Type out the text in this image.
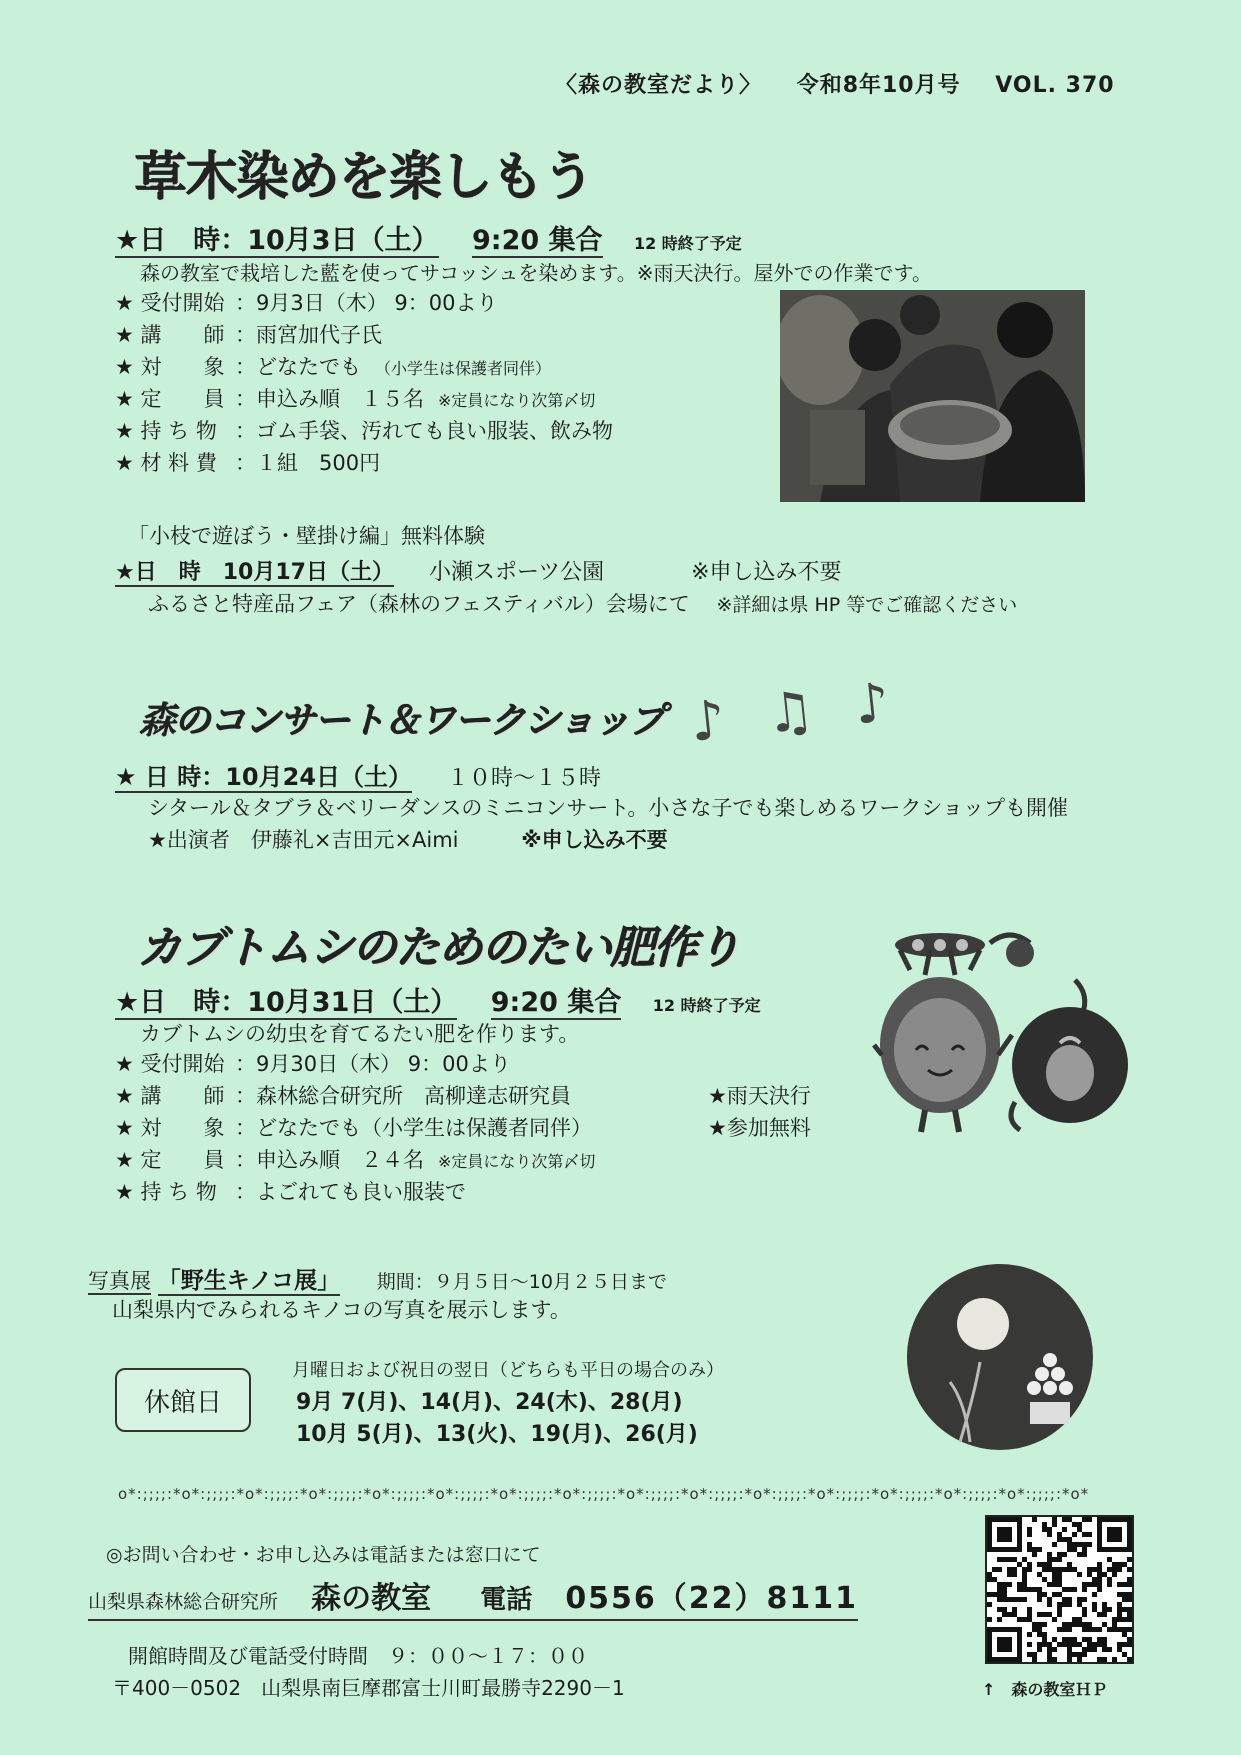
〈森の教室だより〉 令和8年10月号 VOL. 370
草木染めを楽しもう
★日　時：10月3日（土） 9:20 集合 12 時終了予定
森の教室で栽培した藍を使ってサコッシュを染めます。※雨天決行。屋外での作業です。
★ 受付開始 ：9月3日（木） 9：00より
★ 講　　師 ：雨宮加代子氏
★ 対　　象 ：どなたでも （小学生は保護者同伴）
★ 定　　員 ：申込み順　１５名 ※定員になり次第〆切
★ 持 ち 物 ：ゴム手袋、汚れても良い服装、飲み物
★ 材 料 費 ：１組　500円
「小枝で遊ぼう・壁掛け編」無料体験
★日　時　10月17日（土） 小瀬スポーツ公園	※申し込み不要
ふるさと特産品フェア（森林のフェスティバル）会場にて ※詳細は県 HP 等でご確認ください
森のコンサート＆ワークショップ ♪ ♫ ♪
★ 日 時：10月24日（土） １０時～１５時
シタール＆タブラ＆ベリーダンスのミニコンサート。小さな子でも楽しめるワークショップも開催
★出演者　伊藤礼×吉田元×Aimi	※申し込み不要
カブトムシのためのたい肥作り
★日　時：10月31日（土） 9:20 集合 12 時終了予定
カブトムシの幼虫を育てるたい肥を作ります。
★ 受付開始 ：9月30日（木） 9：00より
★ 講　　師 ：森林総合研究所　高柳達志研究員
★ 対　　象 ：どなたでも（小学生は保護者同伴）
★ 定　　員 ：申込み順　２４名 ※定員になり次第〆切
★ 持 ち 物 ：よごれても良い服装で
★雨天決行
★参加無料
写真展 「野生キノコ展」 期間：９月５日～10月２５日まで
山梨県内でみられるキノコの写真を展示します。
休館日
月曜日および祝日の翌日（どちらも平日の場合のみ）
9月 7(月)、14(月)、24(木)、28(月)
10月 5(月)、13(火)、19(月)、26(月)
o*:;;;;:*o*:;;;;:*o*:;;;;:*o*:;;;;:*o*:;;;;:*o*:;;;;:*o*:;;;;:*o*:;;;;:*o*:;;;;:*o*:;;;;:*o*:;;;;:*o*:;;;;:*o*:;;;;:*o*:;;;;:*o*:;;;;:*o*
◎お問い合わせ・お申し込みは電話または窓口にて
山梨県森林総合研究所 森の教室 電話 0556（22）8111
開館時間及び電話受付時間　９：００～１７：００
〒400－0502　山梨県南巨摩郡富士川町最勝寺2290－1	↑　森の教室ＨＰ
